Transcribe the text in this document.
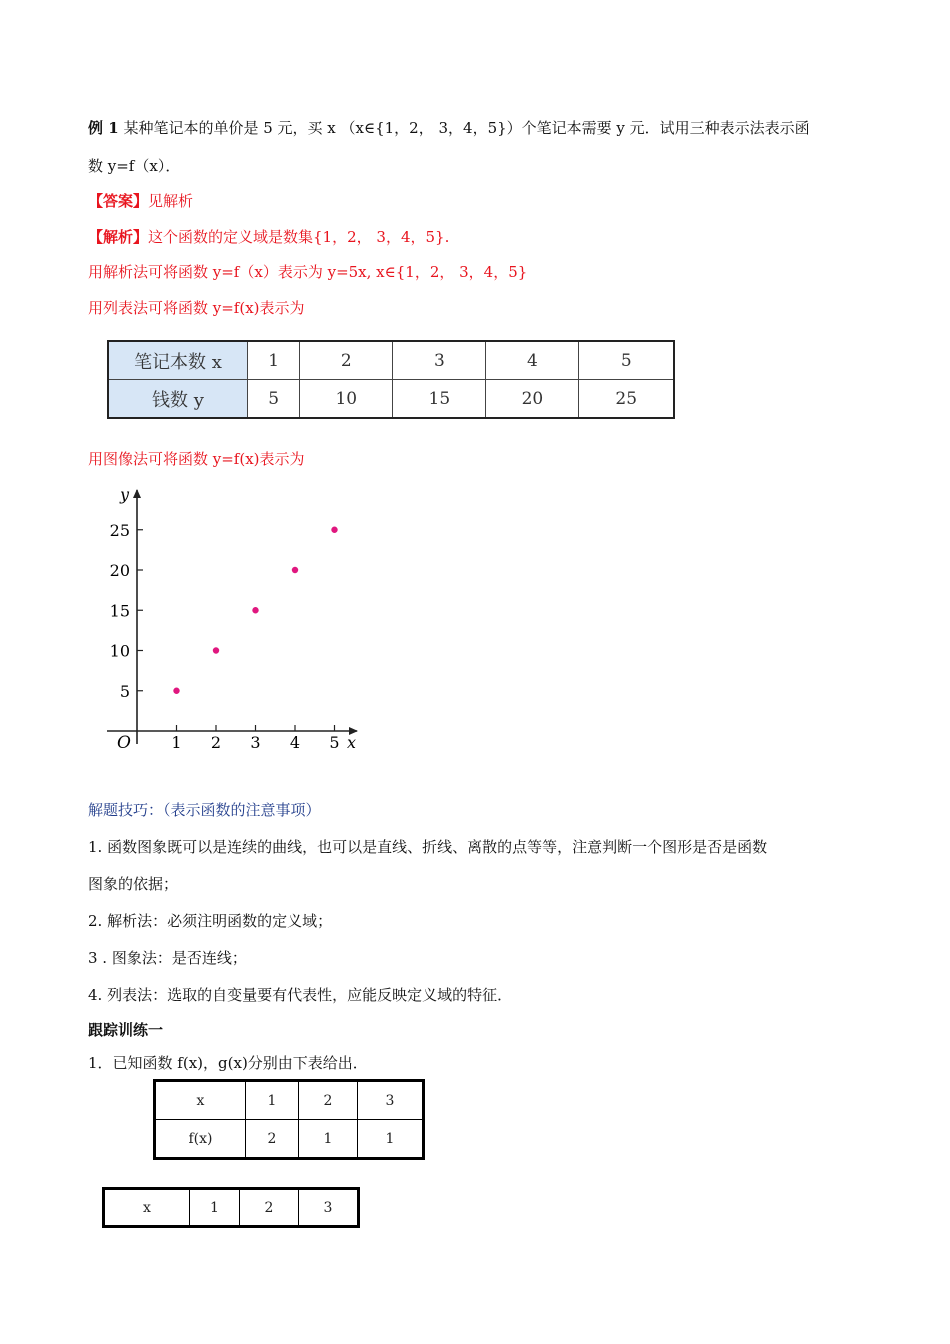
例 1 某种笔记本的单价是 5 元，买 x （x∈{1，2， 3，4，5}）个笔记本需要 y 元．试用三种表示法表示函
数 y=f（x）．
【答案】见解析
【解析】这个函数的定义域是数集{1，2， 3，4，5}.
用解析法可将函数 y=f（x）表示为 y=5x, x∈{1，2， 3，4，5}
用列表法可将函数 y=f(x)表示为
笔记本数 x	1	2	3	4	5
钱数 y	5	10	15	20	25
用图像法可将函数 y=f(x)表示为
O	x
y
1 2 3 4 5
5
10
15
20
25
解题技巧：（表示函数的注意事项）
1. 函数图象既可以是连续的曲线，也可以是直线、折线、离散的点等等，注意判断一个图形是否是函数
图象的依据；
2. 解析法：必须注明函数的定义域；
3 . 图象法：是否连线；
4. 列表法：选取的自变量要有代表性，应能反映定义域的特征．
跟踪训练一
1．已知函数 f(x)，g(x)分别由下表给出．
x	1	2	3
f(x)	2	1	1
x	1	2	3
